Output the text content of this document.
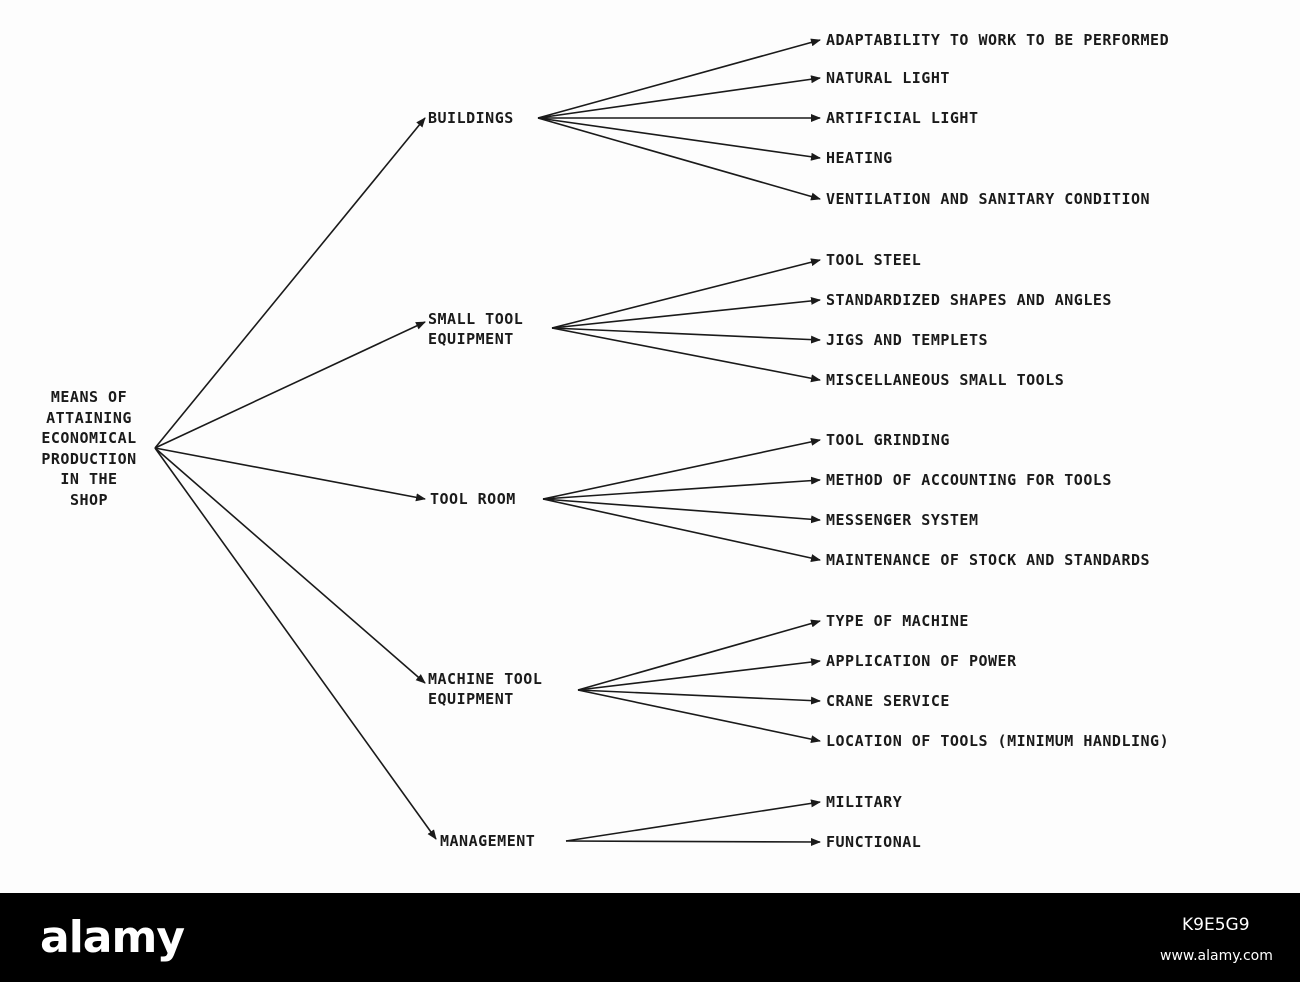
MEANS OF
ATTAINING
ECONOMICAL
PRODUCTION
IN THE
SHOP
BUILDINGS
SMALL TOOL
EQUIPMENT
TOOL ROOM
MACHINE TOOL
EQUIPMENT
MANAGEMENT
ADAPTABILITY TO WORK TO BE PERFORMED
NATURAL LIGHT
ARTIFICIAL LIGHT
HEATING
VENTILATION AND SANITARY CONDITION
TOOL STEEL
STANDARDIZED SHAPES AND ANGLES
JIGS AND TEMPLETS
MISCELLANEOUS SMALL TOOLS
TOOL GRINDING
METHOD OF ACCOUNTING FOR TOOLS
MESSENGER SYSTEM
MAINTENANCE OF STOCK AND STANDARDS
TYPE OF MACHINE
APPLICATION OF POWER
CRANE SERVICE
LOCATION OF TOOLS (MINIMUM HANDLING)
MILITARY
FUNCTIONAL
alamy	K9E5G9
www.alamy.com
